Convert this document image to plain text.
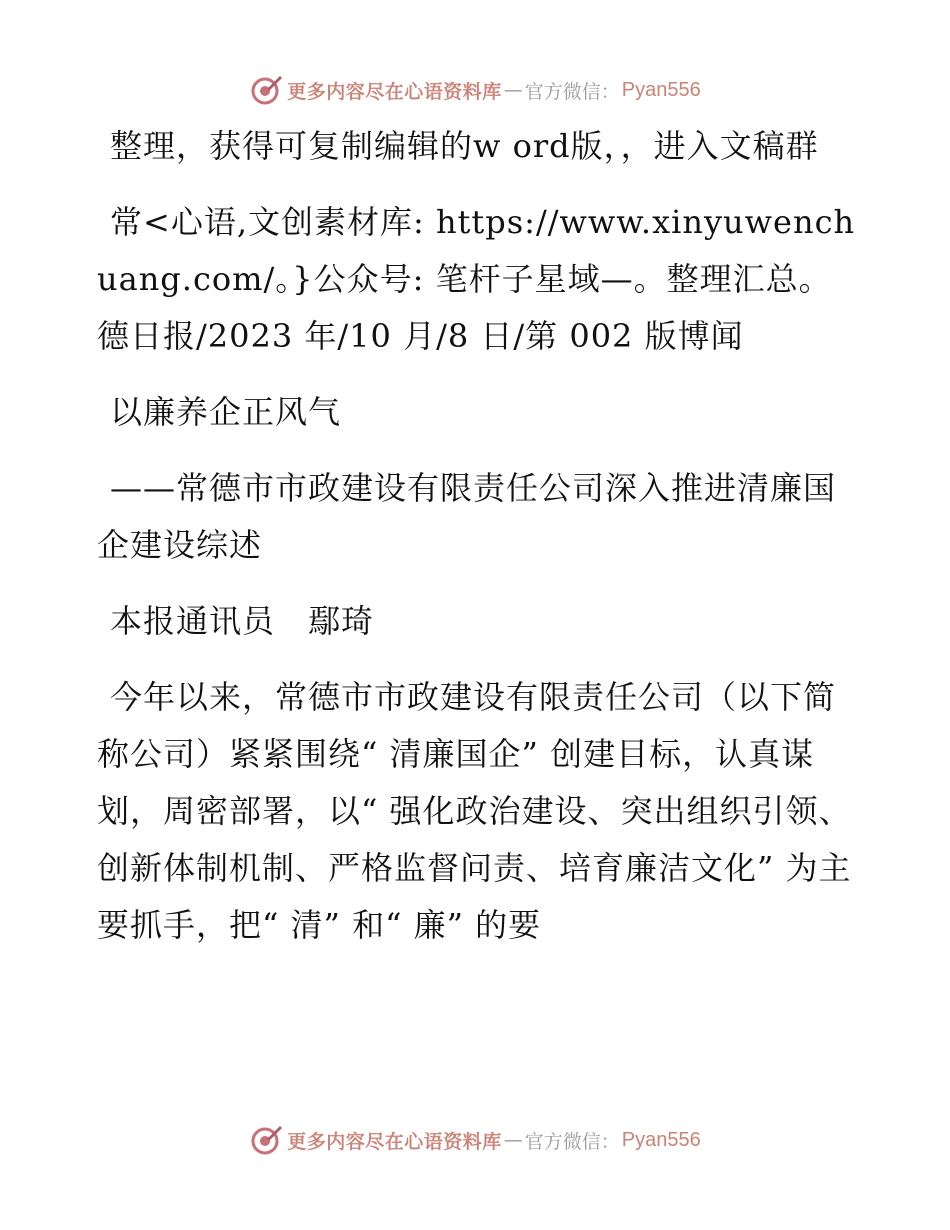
更多内容尽在心语资料库 — 官方微信： Pyan556

整理，获得可复制编辑的w ord版，，进入文稿群

常<心语,文创素材库: https://www.xinyuwenchuang.com/。}公众号: 笔杆子星域—。整理汇总。德日报/2023 年/10 月/8 日/第 002 版博闻

以廉养企正风气

——常德市市政建设有限责任公司深入推进清廉国企建设综述

本报通讯员　鄢琦

今年以来，常德市市政建设有限责任公司（以下简称公司）紧紧围绕“ 清廉国企” 创建目标，认真谋划，周密部署，以“ 强化政治建设、突出组织引领、创新体制机制、严格监督问责、培育廉洁文化” 为主要抓手，把“ 清” 和“ 廉” 的要

更多内容尽在心语资料库 — 官方微信： Pyan556
